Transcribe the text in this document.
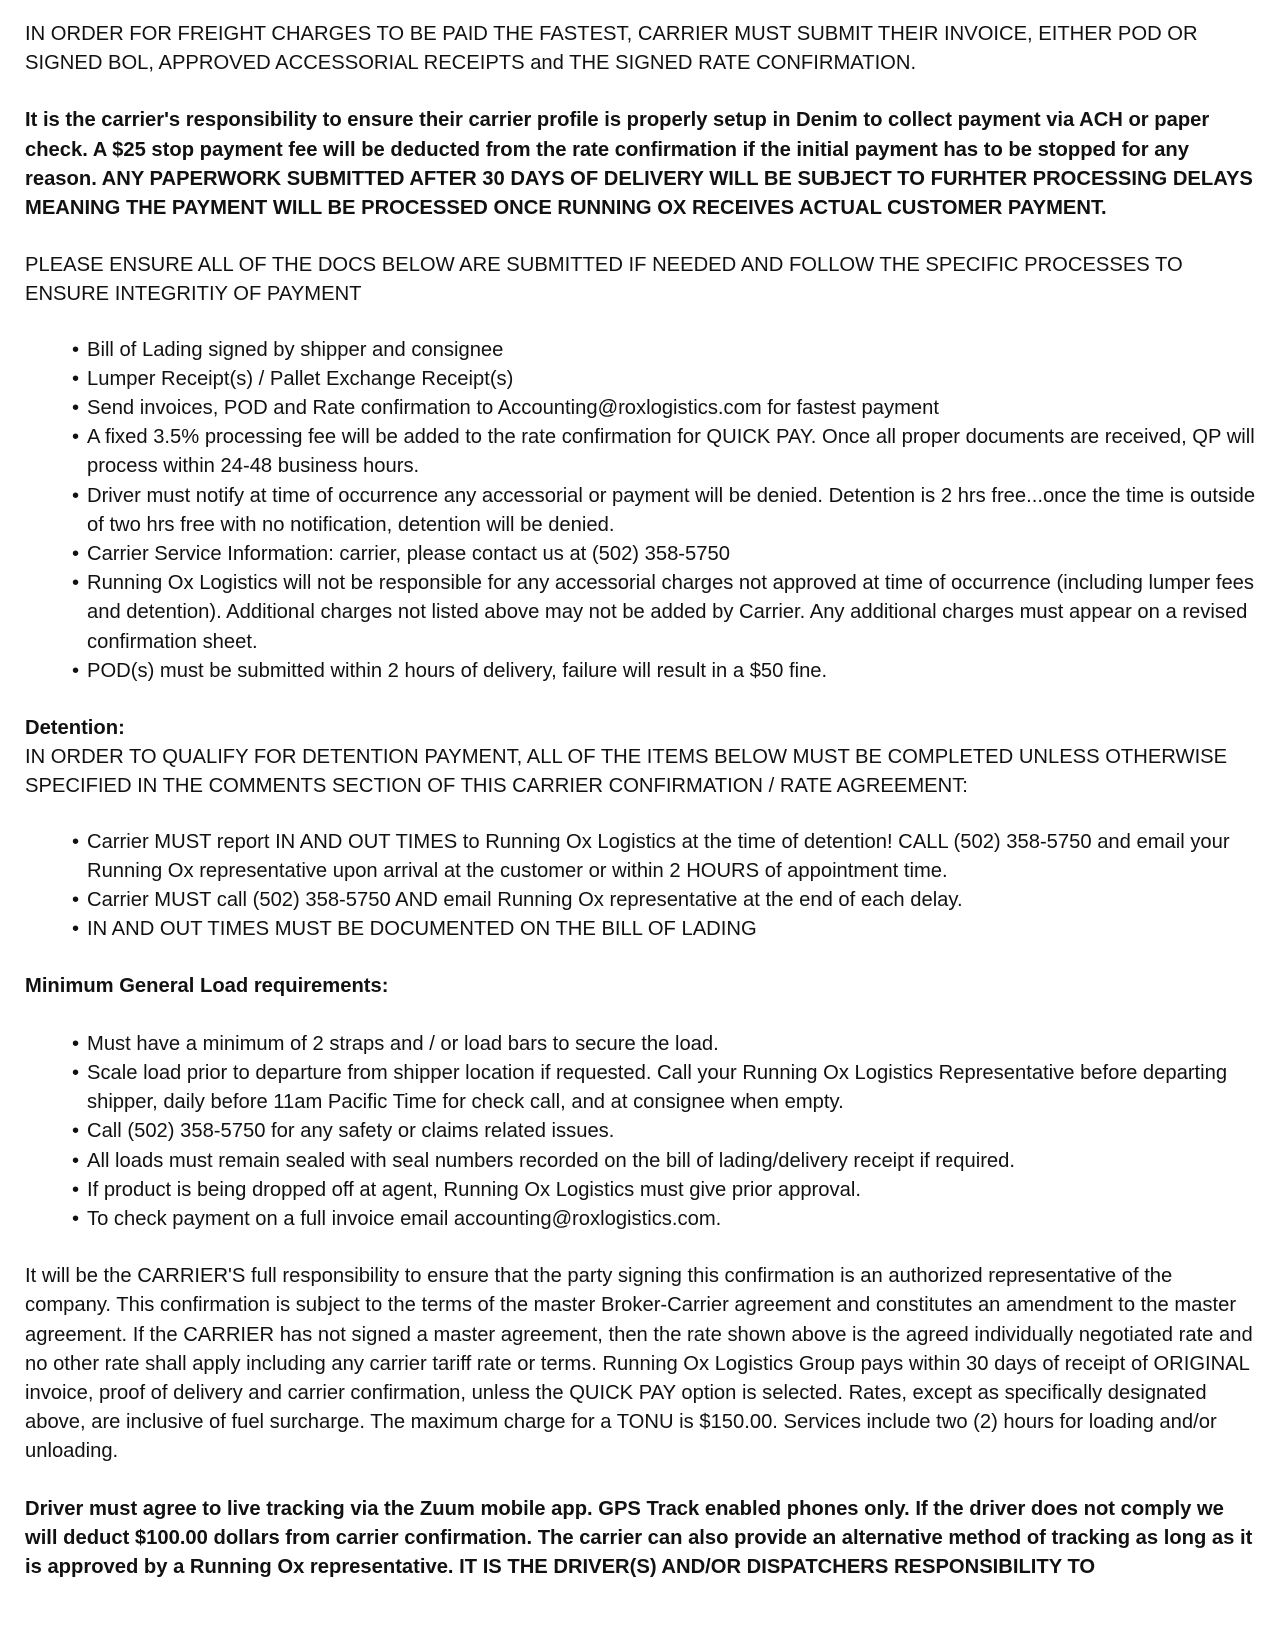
IN ORDER FOR FREIGHT CHARGES TO BE PAID THE FASTEST, CARRIER MUST SUBMIT THEIR INVOICE, EITHER POD OR SIGNED BOL, APPROVED ACCESSORIAL RECEIPTS and THE SIGNED RATE CONFIRMATION.

It is the carrier's responsibility to ensure their carrier profile is properly setup in Denim to collect payment via ACH or paper check. A $25 stop payment fee will be deducted from the rate confirmation if the initial payment has to be stopped for any reason. ANY PAPERWORK SUBMITTED AFTER 30 DAYS OF DELIVERY WILL BE SUBJECT TO FURHTER PROCESSING DELAYS MEANING THE PAYMENT WILL BE PROCESSED ONCE RUNNING OX RECEIVES ACTUAL CUSTOMER PAYMENT.

PLEASE ENSURE ALL OF THE DOCS BELOW ARE SUBMITTED IF NEEDED AND FOLLOW THE SPECIFIC PROCESSES TO ENSURE INTEGRITIY OF PAYMENT

• Bill of Lading signed by shipper and consignee
• Lumper Receipt(s) / Pallet Exchange Receipt(s)
• Send invoices, POD and Rate confirmation to Accounting@roxlogistics.com for fastest payment
• A fixed 3.5% processing fee will be added to the rate confirmation for QUICK PAY. Once all proper documents are received, QP will process within 24-48 business hours.
• Driver must notify at time of occurrence any accessorial or payment will be denied. Detention is 2 hrs free...once the time is outside of two hrs free with no notification, detention will be denied.
• Carrier Service Information: carrier, please contact us at (502) 358-5750
• Running Ox Logistics will not be responsible for any accessorial charges not approved at time of occurrence (including lumper fees and detention). Additional charges not listed above may not be added by Carrier. Any additional charges must appear on a revised confirmation sheet.
• POD(s) must be submitted within 2 hours of delivery, failure will result in a $50 fine.

Detention:

IN ORDER TO QUALIFY FOR DETENTION PAYMENT, ALL OF THE ITEMS BELOW MUST BE COMPLETED UNLESS OTHERWISE SPECIFIED IN THE COMMENTS SECTION OF THIS CARRIER CONFIRMATION / RATE AGREEMENT:

• Carrier MUST report IN AND OUT TIMES to Running Ox Logistics at the time of detention! CALL (502) 358-5750 and email your Running Ox representative upon arrival at the customer or within 2 HOURS of appointment time.
• Carrier MUST call (502) 358-5750 AND email Running Ox representative at the end of each delay.
• IN AND OUT TIMES MUST BE DOCUMENTED ON THE BILL OF LADING

Minimum General Load requirements:

• Must have a minimum of 2 straps and / or load bars to secure the load.
• Scale load prior to departure from shipper location if requested. Call your Running Ox Logistics Representative before departing shipper, daily before 11am Pacific Time for check call, and at consignee when empty.
• Call (502) 358-5750 for any safety or claims related issues.
• All loads must remain sealed with seal numbers recorded on the bill of lading/delivery receipt if required.
• If product is being dropped off at agent, Running Ox Logistics must give prior approval.
• To check payment on a full invoice email accounting@roxlogistics.com.

It will be the CARRIER'S full responsibility to ensure that the party signing this confirmation is an authorized representative of the company. This confirmation is subject to the terms of the master Broker-Carrier agreement and constitutes an amendment to the master agreement. If the CARRIER has not signed a master agreement, then the rate shown above is the agreed individually negotiated rate and no other rate shall apply including any carrier tariff rate or terms. Running Ox Logistics Group pays within 30 days of receipt of ORIGINAL invoice, proof of delivery and carrier confirmation, unless the QUICK PAY option is selected. Rates, except as specifically designated above, are inclusive of fuel surcharge. The maximum charge for a TONU is $150.00. Services include two (2) hours for loading and/or unloading.

Driver must agree to live tracking via the Zuum mobile app. GPS Track enabled phones only. If the driver does not comply we will deduct $100.00 dollars from carrier confirmation. The carrier can also provide an alternative method of tracking as long as it is approved by a Running Ox representative. IT IS THE DRIVER(S) AND/OR DISPATCHERS RESPONSIBILITY TO
